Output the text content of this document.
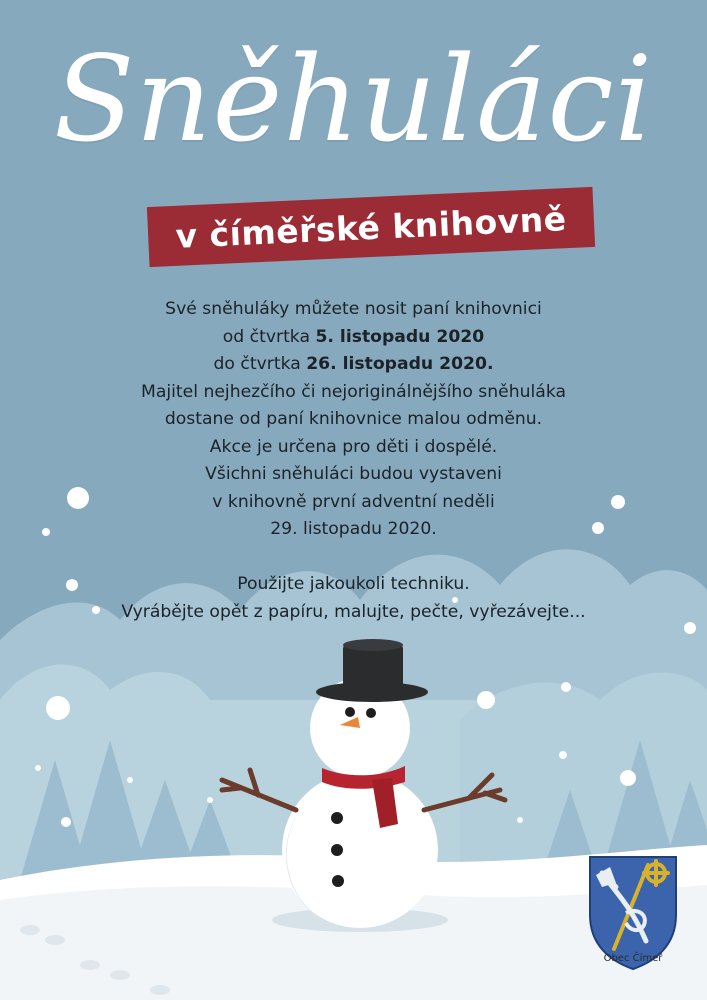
Sněhuláci
v číměřské knihovně
Své sněhuláky můžete nosit paní knihovnici
od čtvrtka 5. listopadu 2020
do čtvrtka 26. listopadu 2020.
Majitel nejhezčího či nejoriginálnějšího sněhuláka
dostane od paní knihovnice malou odměnu.
Akce je určena pro děti i dospělé.
Všichni sněhuláci budou vystaveni
v knihovně první adventní neděli
29. listopadu 2020.
Použijte jakoukoli techniku.
Vyrábějte opět z papíru, malujte, pečte, vyřezávejte...
Obec Čímeř
